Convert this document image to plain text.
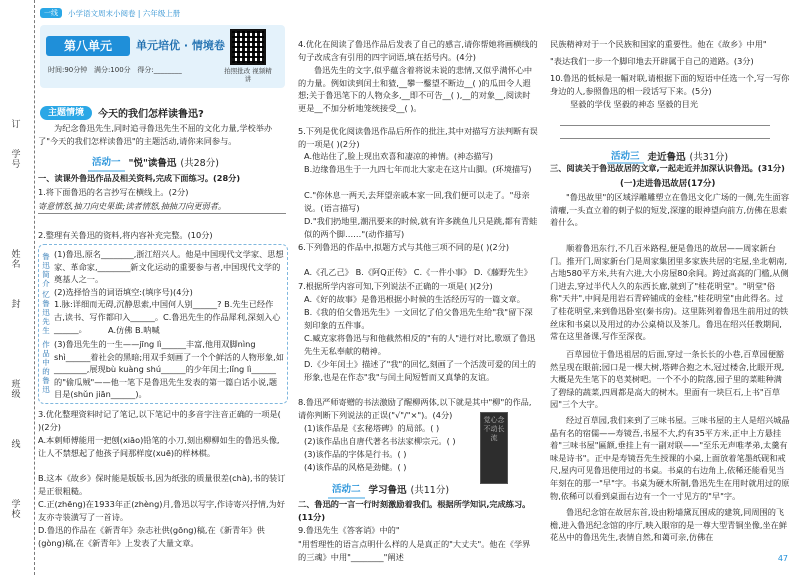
学号
订
姓名
封
班级
线
学校
一线	小学语文周末小阅卷 | 六年级上册
第八单元	单元培优 · 情境卷
时间:90分钟 满分:100分 得分:________	拍照批改 视频精讲
主题情境	今天的我们怎样读鲁迅?

为纪念鲁迅先生,同时追寻鲁迅先生不屈的文化力量,学校举办了"今天的我们怎样读鲁迅"的主题活动,请你来同参与。

活动一 "悦"读鲁迅 (共28分)

一、读课外鲁迅作品及相关资料,完成下面练习。(28分)

1.将下面鲁迅的名言抄写在横线上。(2分)

寄意情怒,抽刀向史果谁;读者情怒,抽抽刀向更弱者。

2.整理有关鲁迅的资料,将内容补充完整。(10分)

鲁迅简介
忆鲁迅先生
作品中的鲁迅

(1)鲁迅,原名________,浙江绍兴人。他是中国现代文学家、思想家、革命家,________新文化运动的重要参与者,中国现代文学的奠基人之一。

(2)选择恰当的词语填空:(填序号)(4分)

1.脉:详细而无碍,沉静思索,中国何人别______? B.先生已经作古,读书、写作都印入______。C.鲁迅先生的作品犀利,深刻入心______。	A.仿佛 B.呐喊

(3)鲁迅先生的一生——jīng lì______丰富,他用双脚nìng shì______着社会的黑暗;用双手刻画了一个个鲜活的人物形象,如________,展现bù kuàng shú______的少年闰土;lǐng lì______的"偷瓜贼"——他一笔下是鲁迅先生发表的第一篇白话小说,题目是(shǔn jiān______)。

3.优化整理资料时记了笔记,以下笔记中的多音字注音正确的一项是( )(2分)

A.本刺师傅能用一把刨(xiāo)铅笔的小刀,刻出柳柳如生的鲁迅头像,让人不禁想起了他孩子间那样度(xuē)的样林棋。

B.这本《故乡》保时能是版版书,因为纸张的质量很差(chà),书的装订是正很粗糙。

C.正(zhēng)在1933年正(zhèng)月,鲁迅以写字,作诗寄兴抒情,为好友亦寺装潢写了一首诗。

D.鲁迅的作品在《新青年》杂志社供(gōng)稿,在《新青年》供(gòng)稿,在《新青年》上发表了大量文章。

4.优化在阅读了鲁迅作品后发表了自己的感言,请你帮她将画横线的句子改成含有引用的四字词语,填在括号内。(4分)

鲁迅先生的文字,似乎蕴含着将说未说的悲情,又似乎满怀心中的力量。例如读到闰土和猹,__攀一鑿望不断边__( )的瓜田令人遐想;关于鲁迅笔下的人物众多,__即不可告__( ),__的对象__,阅读时更是__不加分析地笼统接受__( )。

5.下列是优化阅读鲁迅作品后所作的批注,其中对描写方法判断有误的一项是( )(2分)

A.他站住了,脸上现出欢喜和凄凉的神情。(神态描写)

B.边缘鲁迅生于一九四七年而北大家走在这片山脚。(环境描写)

C."你休息一两天,去拜望亲戚本家一回,我们便可以走了。"母亲说。(语言描写)

D."我们扔地里,潮汛要来的时候,就有许多跳鱼儿只是跳,都有青蛙似的两个脚……"(动作描写)

6.下列鲁迅的作品中,拟题方式与其他三项不同的是( )(2分)

A.《孔乙己》 B.《阿Q正传》 C.《一件小事》 D.《藤野先生》

7.根据所学内容可知,下列说法不正确的一项是( )(2分)

A.《好的故事》是鲁迅根据小时候的生活经历写的一篇文章。

B.《我的伯父鲁迅先生》一文回忆了伯父鲁迅先生给"我"留下深刻印象的五件事。

C.臧克家将鲁迅与和他截然相反的"有的人"进行对比,歌颂了鲁迅先生无私奉献的精神。

D.《少年闰土》描述了"我"的回忆,刻画了一个活泼可爱的闰土的形象,也是在作态"我"与闰土间短暂而又真挚的友谊。

8.鲁迅严师寄赠的书法激励了醒柳两体,以下就是其中"柳"的作品,请你判断下列说法的正误("√"/"×")。(4分)

(1)该作品是《玄秘塔碑》的局部。( )

(2)该作品出自唐代著名书法家柳宗元。( )

(3)该作品的字体是行书。( )

(4)该作品的风格是劲健。( )

活动二 学习鲁迅 (共11分)

二、鲁迅的一言一行时刻激励着我们。根据所学知识,完成练习。(11分)

9.鲁迅先生《答客诮》中的"

"用哲理性的语言点明什么样的人是真正的"大丈夫"。他在《学界的三魂》中用"________"阐述

觉心念不动长流

民族精神对于一个民族和国家的重要性。他在《故乡》中用"

"表达我们一步一个脚印地去开辟属于自己的道路。(3分)

10.鲁迅的低标是一幅对联,请根据下面的短语中任选一个,写一写你身边的人,参照鲁迅的相一段话写下来。(5分)

坚毅的学伐 坚毅的神态 坚毅的目光

活动三 走近鲁迅 (共31分)

三、阅读关于鲁迅故居的文章,一起走近并加深认识鲁迅。(31分)

(一)走进鲁迅故居(17分)

"鲁迅故里"的区域浮雕雕塑立在鲁迅文化广场的一侧,先生面容清癯,一头直立着的刺子似的短发,深邃的眼神望向前方,仿佛在思索着什么。

顺着鲁迅东行,不几百米路程,便是鲁迅的故居——周家新台门。推开门,周家新台门是周家集团里多家族共居的宅屋,坐北朝南,占地580平方米,共有六进,大小房屋80余间。跨过高高的门槛,从侧门进去,穿过半代人久的东西长廊,就到了"桂花明堂"。"明堂"俗称"天井",中间是用岩石青碎铺成的金桂,"桂花明堂"由此得名。过了桂花明堂,来到鲁迅卧室(秦书房)。这里陈列着鲁迅生前用过的铁丝床和书桌以及用过的办公桌椅以及茶几。鲁迅在绍兴任教期间,常在这里备课,写作至深夜。

百草园位于鲁迅祖居的后面,穿过一条长长的小巷,百草园便豁然呈现在眼前;园口是一棵大树,塔碑合抱之木,冠过楼舍,比眼开现,大概是先生笔下的皂荚树吧。一个不小的院落,园子里的菜畦种满了碧绿的蔬菜,四周都是高大的树木。里面有一块巨石,上书"百草园"三个大字。

经过百草园,我们来到了三味书屋。三味书屋的主人是绍兴城晶晶有名的宿儒——寿镜吾,书屋不大,约有35平方米,正中上方悬挂着"三味书屋"匾额,垂挂上有一副对联——"至乐无声唯孝弟,太羹有味是诗书"。正中是寿镜吾先生授课的小桌,上面放着笔墨纸砚和戒尺,屋内可见鲁迅使用过的书桌。书桌的右边角上,依稀还能看见当年刻在的那一"早"字。书桌为硬木所制,鲁迅先生在用时就用过的原物,依稀可以看到桌面右边有一个一寸见方的"早"字。

鲁迅纪念馆在故居东首,设由粉墙黛瓦围成的建筑,同周围的飞檐,进入鲁迅纪念馆的序厅,映入眼帘的是一尊大型青铜坐像,坐在鲜花丛中的鲁迅先生,表情自然,和蔼可亲,仿佛在

47
